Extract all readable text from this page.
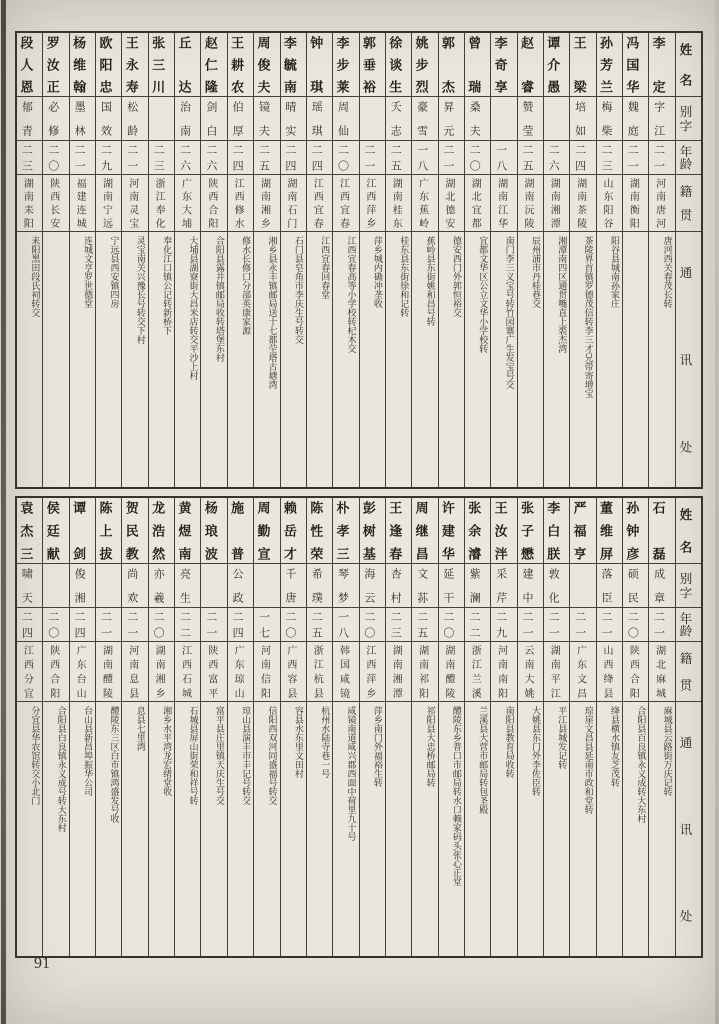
姓名
别字
年龄
籍贯
通讯处
李定
字江
二一
河南唐河
唐河西关春茂长转
冯国华
魏庭
二一
湖南衡阳
孙芳兰
梅柴
二三
山东阳谷
阳谷县城南孙家庄
王梁
培如
二四
湖南茶陵
茶陵界首镇罗德茂信转李三才兄带寄增宝
谭介愚
二六
湖南湘潭
湘潭南四区通贯嘴直上裘杰湾
赵睿
赞莹
二五
湖南沅陵
辰州浦市丹桂巷交
李奇享
一八
湖南江华
南门李三义宝号转竹园寨广生发宝号交
曾瑞
桑夫
二〇
湖北宜都
宜都文华区公立文华小学校转
郭杰
昇元
二一
湖北德安
德安西门外郭恒裕交
姚步烈
豪雪
一八
广东蕉岭
蕉岭县东街姚和昌号转
徐谈生
夭志
二五
湖南桂东
桂东县东街徐和记转
郭垂裕
二一
江西萍乡
萍乡城内确冲垄收
李步莱
周仙
二〇
江西宜春
江西宜春高等小学校转杞木交
钟琪
瑶琪
二四
江西宜春
江西宜春回春堂
李毓南
晴实
二四
湖南石门
石门县皂角市李庆生号转交
周俊夫
镜夫
二五
湖南湘乡
湘乡县永丰镇邮局送十七都茔塔古塘湾
王耕农
伯厚
二四
江西修水
修水长修口分部英康家源
赵仁隆
剑白
二六
陕西合阳
合阳县露井镇邮局收转塔堡东村
丘达
治南
二六
广东大埔
大埔县湖寮街大昌米店转交平沙上村
张三川
二三
浙江奉化
奉化江口镇公记转新桥下
王永寿
松龄
二一
河南灵宝
灵宝南关兴豫长号转交下村
欧阳忠
国效
二九
湖南宁远
宁远县西安镇四房
杨维翰
墨林
二一
福建连城
连城文亨罗世德堂
罗汝正
必修
二〇
陕西长安
段人恩
郁青
二三
湖南耒阳
耒阳黑田段氏祠转交
姓名
别字
年龄
籍贯
通讯处
石磊
成章
二一
湖北麻城
麻城县云路街万庆记转
孙钟彦
硕民
二〇
陕西合阳
合阳县百良镇永义成转大东村
董维屏
落臣
二一
山西绛县
绛县横水镇友芝茂转
严福亨
二一
广东文昌
琼崖文昌县延南市政和堂转
李白朕
敦化
二一
湖南平江
平江县城发记转
张子懋
建中
二一
云南大姚
大姚县东门外李佐臣转
王汝泮
采芹
二九
河南南阳
南阳县教育局收转
张余濬
紫澜
二二
浙江兰溪
兰溪县大营市邮局转包圣殿
许建华
延干
二〇
湖南醴陵
醴陵东乡普口市邮局转水口赖家码头张心正堂
周继昌
文荪
二五
湖南祁阳
祁阳县大忠桥邮局转
王逢春
杏村
二三
湖南湘潭
彭树基
海云
二〇
江西萍乡
萍乡南门外福裕生转
朴孝三
琴梦
一八
韩国咸镜
咸镜南道咸兴郡西面中荷里九十号
陈性荣
希璞
二五
浙江杭县
杭州水陆寺巷一号
赖岳才
千唐
二〇
广西容县
容县水东里文田村
周勤宣
一七
河南信阳
信阳西双河同盛福号转交
施普
公政
二四
广东琼山
琼山县演丰市丰记号转交
杨琅波
二一
陕西富平
富平县庄里镇天庆生号交
黄煜南
亮生
二二
江西石城
石城县屏山街荣和祥号转
龙浩然
亦羲
二〇
湖南湘乡
湘乡水平湾龙宏绪堂收
贺民教
尚欢
二一
河南息县
息县七里湾
陈上拔
二一
湖南醴陵
醴陵东三区白市镇鸿盛发号收
谭剑
俊湘
二四
广东台山
台山县新昌埠振华公司
侯廷献
二〇
陕西合阳
合阳县白良镇永义成号转大东村
袁杰三
啸天
二四
江西分宜
分宜县华农馆转交小北门
91
